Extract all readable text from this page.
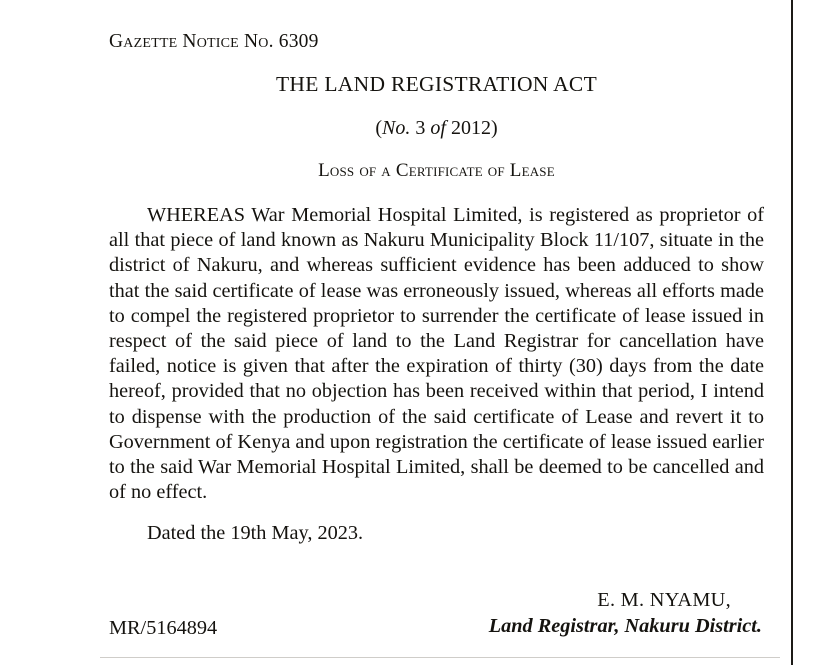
Gazette Notice No. 6309

THE LAND REGISTRATION ACT

(No. 3 of 2012)

Loss of a Certificate of Lease

WHEREAS War Memorial Hospital Limited, is registered as proprietor of all that piece of land known as Nakuru Municipality Block 11/107, situate in the district of Nakuru, and whereas sufficient evidence has been adduced to show that the said certificate of lease was erroneously issued, whereas all efforts made to compel the registered proprietor to surrender the certificate of lease issued in respect of the said piece of land to the Land Registrar for cancellation have failed, notice is given that after the expiration of thirty (30) days from the date hereof, provided that no objection has been received within that period, I intend to dispense with the production of the said certificate of Lease and revert it to Government of Kenya and upon registration the certificate of lease issued earlier to the said War Memorial Hospital Limited, shall be deemed to be cancelled and of no effect.

Dated the 19th May, 2023.

E. M. NYAMU,

Land Registrar, Nakuru District.

MR/5164894
